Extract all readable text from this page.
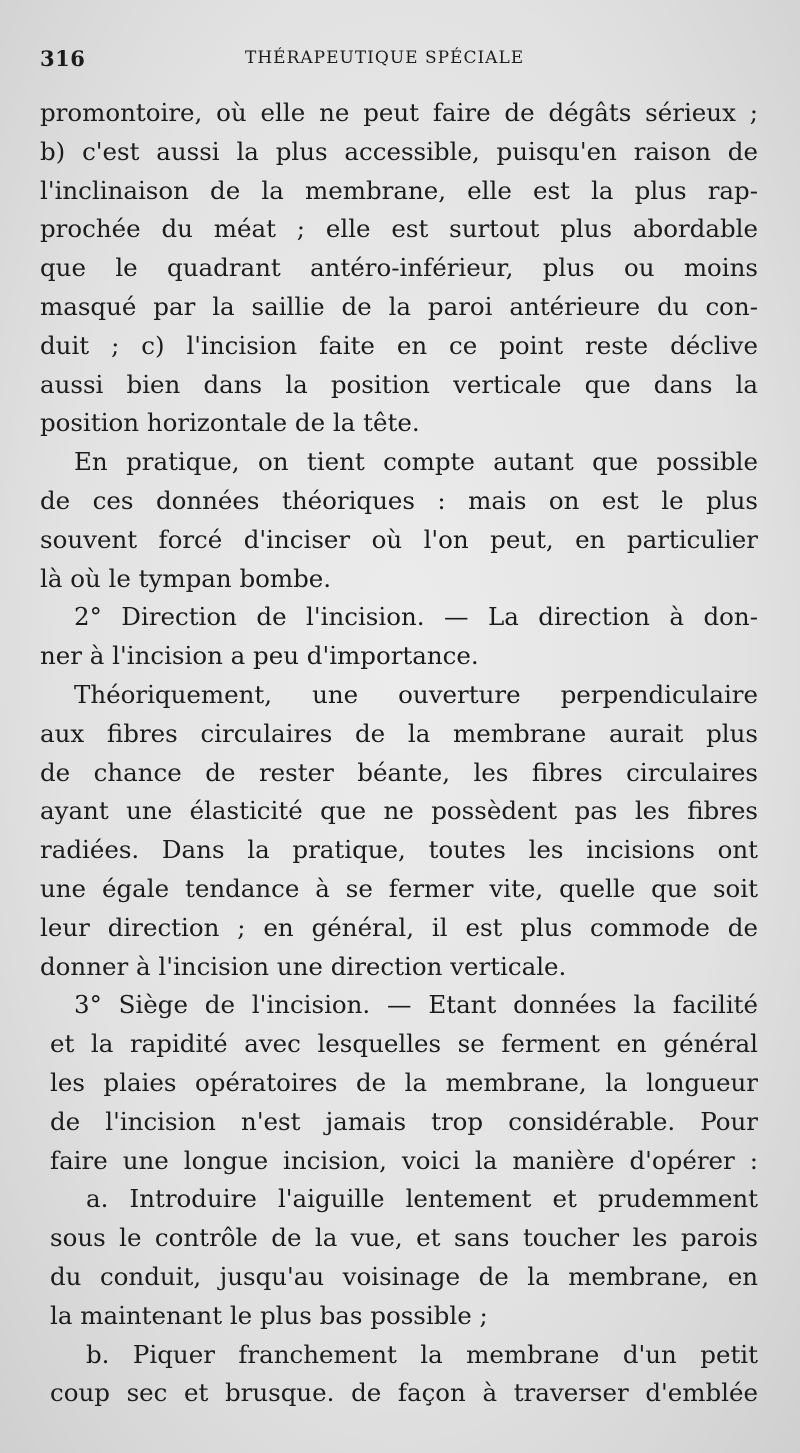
316	THÉRAPEUTIQUE SPÉCIALE
promontoire, où elle ne peut faire de dégâts sérieux ;
b) c'est aussi la plus accessible, puisqu'en raison de
l'inclinaison de la membrane, elle est la plus rap-
prochée du méat ; elle est surtout plus abordable
que le quadrant antéro-inférieur, plus ou moins
masqué par la saillie de la paroi antérieure du con-
duit ; c) l'incision faite en ce point reste déclive
aussi bien dans la position verticale que dans la
position horizontale de la tête.
En pratique, on tient compte autant que possible
de ces données théoriques : mais on est le plus
souvent forcé d'inciser où l'on peut, en particulier
là où le tympan bombe.
2° Direction de l'incision. — La direction à don-
ner à l'incision a peu d'importance.
Théoriquement, une ouverture perpendiculaire
aux fibres circulaires de la membrane aurait plus
de chance de rester béante, les fibres circulaires
ayant une élasticité que ne possèdent pas les fibres
radiées. Dans la pratique, toutes les incisions ont
une égale tendance à se fermer vite, quelle que soit
leur direction ; en général, il est plus commode de
donner à l'incision une direction verticale.
3° Siège de l'incision. — Etant données la facilité
et la rapidité avec lesquelles se ferment en général
les plaies opératoires de la membrane, la longueur
de l'incision n'est jamais trop considérable. Pour
faire une longue incision, voici la manière d'opérer :
a. Introduire l'aiguille lentement et prudemment
sous le contrôle de la vue, et sans toucher les parois
du conduit, jusqu'au voisinage de la membrane, en
la maintenant le plus bas possible ;
b. Piquer franchement la membrane d'un petit
coup sec et brusque. de façon à traverser d'emblée
